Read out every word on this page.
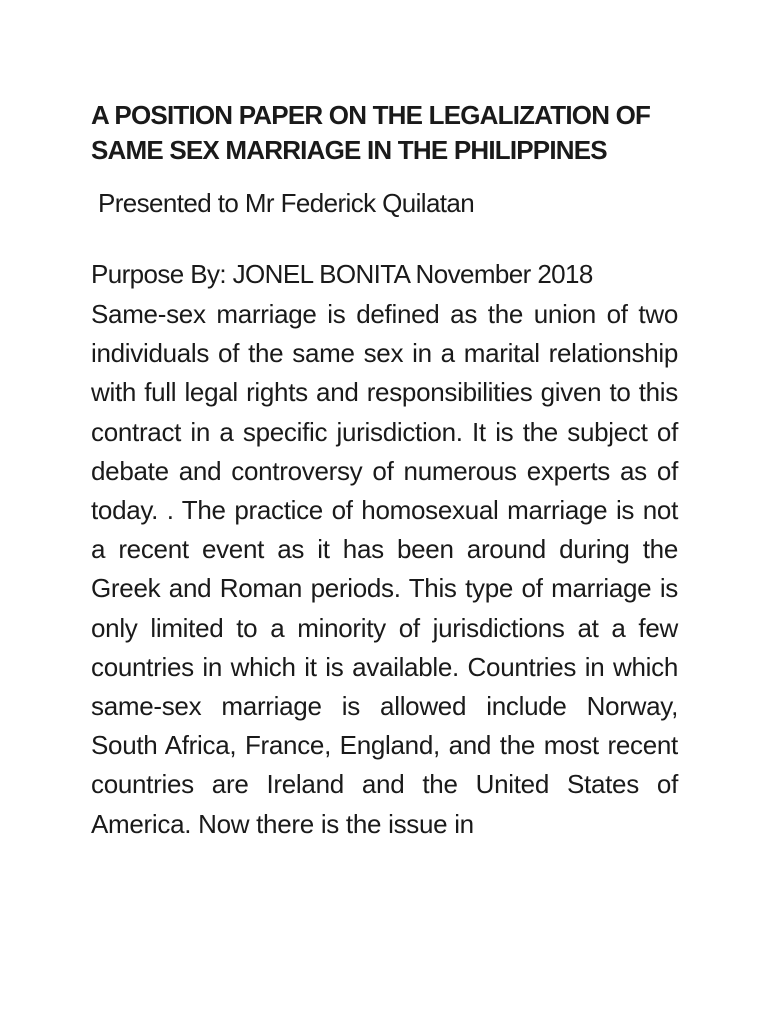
A POSITION PAPER ON THE LEGALIZATION OF SAME SEX MARRIAGE IN THE PHILIPPINES

Presented to Mr Federick Quilatan

Purpose By: JONEL BONITA November 2018

Same-sex marriage is defined as the union of two individuals of the same sex in a marital relationship with full legal rights and responsibilities given to this contract in a specific jurisdiction. It is the subject of debate and controversy of numerous experts as of today. . The practice of homosexual marriage is not a recent event as it has been around during the Greek and Roman periods. This type of marriage is only limited to a minority of jurisdictions at a few countries in which it is available. Countries in which same-sex marriage is allowed include Norway, South Africa, France, England, and the most recent countries are Ireland and the United States of America. Now there is the issue in
